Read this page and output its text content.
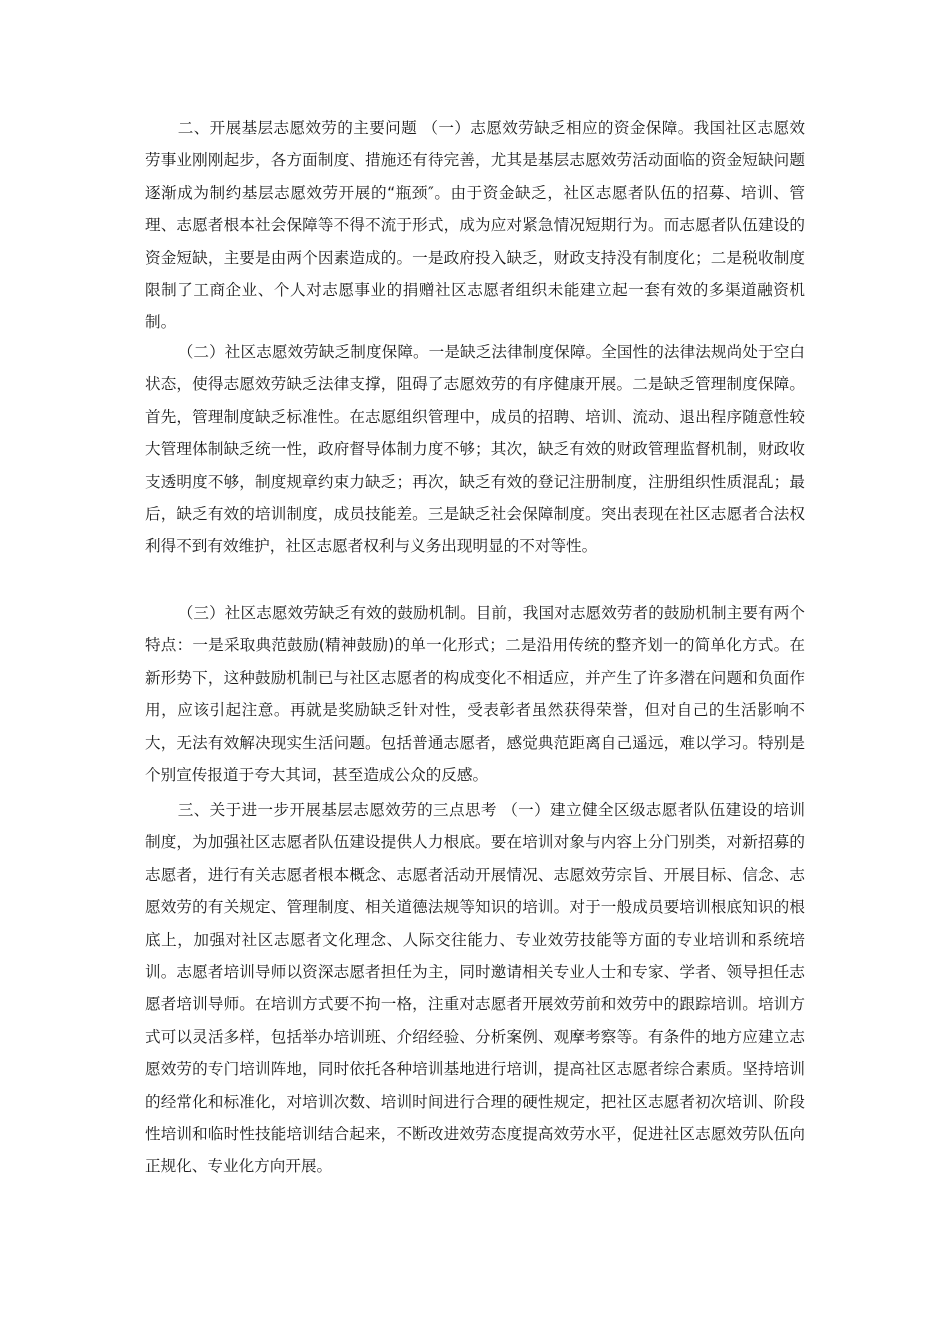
二、开展基层志愿效劳的主要问题 （一）志愿效劳缺乏相应的资金保障。我国社区志愿效劳事业刚刚起步，各方面制度、措施还有待完善，尤其是基层志愿效劳活动面临的资金短缺问题逐渐成为制约基层志愿效劳开展的“瓶颈″。由于资金缺乏，社区志愿者队伍的招募、培训、管理、志愿者根本社会保障等不得不流于形式，成为应对紧急情况短期行为。而志愿者队伍建设的资金短缺，主要是由两个因素造成的。一是政府投入缺乏，财政支持没有制度化；二是税收制度限制了工商企业、个人对志愿事业的捐赠社区志愿者组织未能建立起一套有效的多渠道融资机制。

（二）社区志愿效劳缺乏制度保障。一是缺乏法律制度保障。全国性的法律法规尚处于空白状态，使得志愿效劳缺乏法律支撑，阻碍了志愿效劳的有序健康开展。二是缺乏管理制度保障。首先，管理制度缺乏标准性。在志愿组织管理中，成员的招聘、培训、流动、退出程序随意性较大管理体制缺乏统一性，政府督导体制力度不够；其次，缺乏有效的财政管理监督机制，财政收支透明度不够，制度规章约束力缺乏；再次，缺乏有效的登记注册制度，注册组织性质混乱；最后，缺乏有效的培训制度，成员技能差。三是缺乏社会保障制度。突出表现在社区志愿者合法权利得不到有效维护，社区志愿者权利与义务出现明显的不对等性。

（三）社区志愿效劳缺乏有效的鼓励机制。目前，我国对志愿效劳者的鼓励机制主要有两个特点：一是采取典范鼓励(精神鼓励)的单一化形式；二是沿用传统的整齐划一的简单化方式。在新形势下，这种鼓励机制已与社区志愿者的构成变化不相适应，并产生了许多潜在问题和负面作用，应该引起注意。再就是奖励缺乏针对性，受表彰者虽然获得荣誉，但对自己的生活影响不大，无法有效解决现实生活问题。包括普通志愿者，感觉典范距离自己遥远，难以学习。特别是个别宣传报道于夸大其词，甚至造成公众的反感。

三、关于进一步开展基层志愿效劳的三点思考 （一）建立健全区级志愿者队伍建设的培训制度，为加强社区志愿者队伍建设提供人力根底。要在培训对象与内容上分门别类，对新招募的志愿者，进行有关志愿者根本概念、志愿者活动开展情况、志愿效劳宗旨、开展目标、信念、志愿效劳的有关规定、管理制度、相关道德法规等知识的培训。对于一般成员要培训根底知识的根底上，加强对社区志愿者文化理念、人际交往能力、专业效劳技能等方面的专业培训和系统培训。志愿者培训导师以资深志愿者担任为主，同时邀请相关专业人士和专家、学者、领导担任志愿者培训导师。在培训方式要不拘一格，注重对志愿者开展效劳前和效劳中的跟踪培训。培训方式可以灵活多样，包括举办培训班、介绍经验、分析案例、观摩考察等。有条件的地方应建立志愿效劳的专门培训阵地，同时依托各种培训基地进行培训，提高社区志愿者综合素质。坚持培训的经常化和标准化，对培训次数、培训时间进行合理的硬性规定，把社区志愿者初次培训、阶段性培训和临时性技能培训结合起来，不断改进效劳态度提高效劳水平，促进社区志愿效劳队伍向正规化、专业化方向开展。
